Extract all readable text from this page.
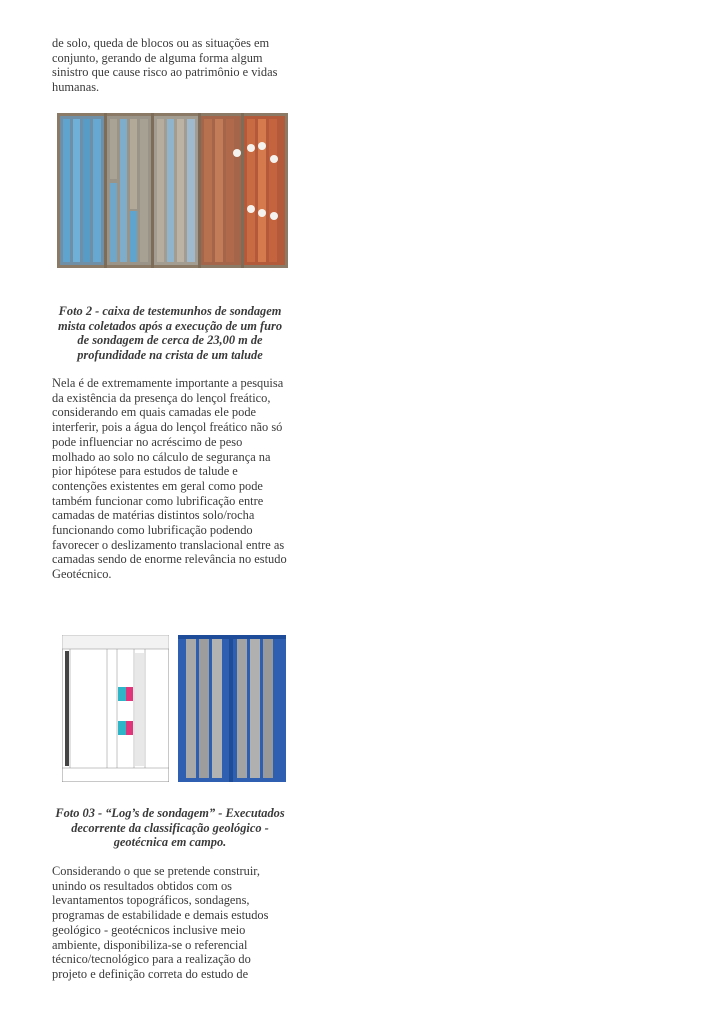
de solo, queda de blocos ou as situações em conjunto, gerando de alguma forma algum sinistro que cause risco ao patrimônio e vidas humanas.

Foto 2 - caixa de testemunhos de sondagem mista coletados após a execução de um furo de sondagem de cerca de 23,00 m de profundidade na crista de um talude

Nela é de extremamente importante a pesquisa da existência da presença do lençol freático, considerando em quais camadas ele pode interferir, pois a água do lençol freático não só pode influenciar no acréscimo de peso molhado ao solo no cálculo de segurança na pior hipótese para estudos de talude e contenções existentes em geral como pode também funcionar como lubrificação entre camadas de matérias distintos solo/rocha funcionando como lubrificação podendo favorecer o deslizamento translacional entre as camadas sendo de enorme relevância no estudo Geotécnico.

Foto 03 - “Log’s de sondagem” - Executados decorrente da classificação geológico - geotécnica em campo.

Considerando o que se pretende construir, unindo os resultados obtidos com os levantamentos topográficos, sondagens, programas de estabilidade e demais estudos geológico - geotécnicos inclusive meio ambiente, disponibiliza-se o referencial técnico/tecnológico para a realização do projeto e definição correta do estudo de
